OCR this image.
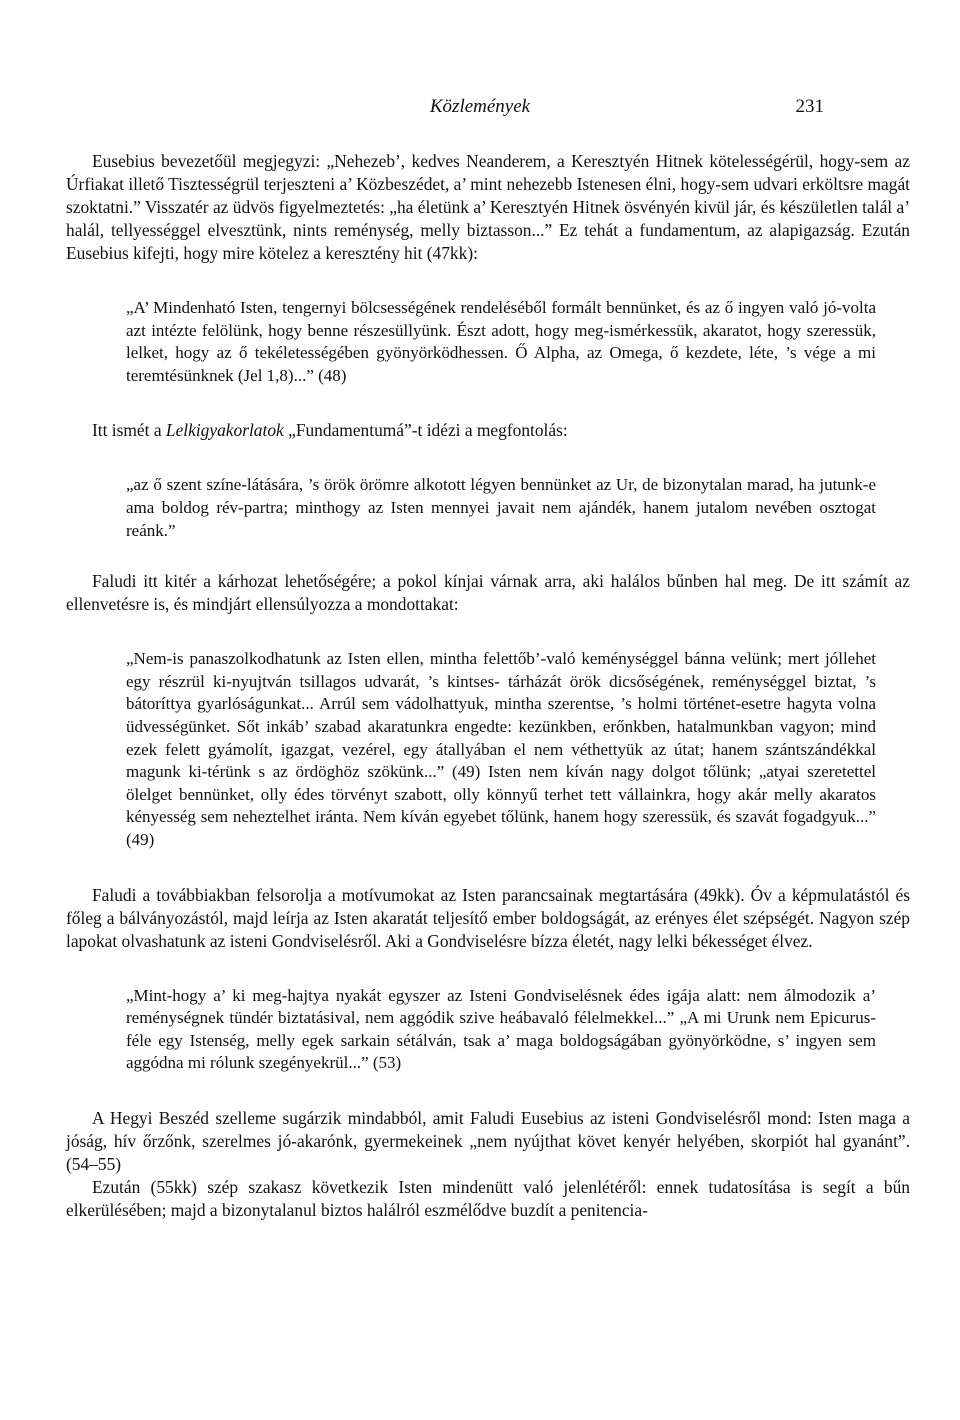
Közlemények	231

Eusebius bevezetőül megjegyzi: „Nehezeb’, kedves Neanderem, a Keresztyén Hitnek kötelességérül, hogy-sem az Úrfiakat illető Tisztességrül terjeszteni a’ Közbeszédet, a’ mint nehezebb Istenesen élni, hogy-sem udvari erköltsre magát szoktatni.” Visszatér az üdvös figyelmeztetés: „ha életünk a’ Keresztyén Hitnek ösvényén kivül jár, és készületlen talál a’ halál, tellyességgel elvesztünk, nints reménység, melly biztasson...” Ez tehát a fundamentum, az alapigazság. Ezután Eusebius kifejti, hogy mire kötelez a keresztény hit (47kk):

„A’ Mindenható Isten, tengernyi bölcsességének rendeléséből formált bennünket, és az ő ingyen való jó-volta azt intézte felölünk, hogy benne részesüllyünk. Észt adott, hogy meg-ismérkessük, akaratot, hogy szeressük, lelket, hogy az ő tekéletességében gyönyörködhessen. Ő Alpha, az Omega, ő kezdete, léte, ’s vége a mi teremtésünknek (Jel 1,8)...” (48)

Itt ismét a Lelkigyakorlatok „Fundamentumá”-t idézi a megfontolás:

„az ő szent színe-látására, ’s örök örömre alkotott légyen bennünket az Ur, de bizonytalan marad, ha jutunk-e ama boldog rév-partra; minthogy az Isten mennyei javait nem ajándék, hanem jutalom nevében osztogat reánk.”

Faludi itt kitér a kárhozat lehetőségére; a pokol kínjai várnak arra, aki halálos bűnben hal meg. De itt számít az ellenvetésre is, és mindjárt ellensúlyozza a mondottakat:

„Nem-is panaszolkodhatunk az Isten ellen, mintha felettőb’-való keménységgel bánna velünk; mert jóllehet egy részrül ki-nyujtván tsillagos udvarát, ’s kintses- tárházát örök dicsőségének, reménységgel biztat, ’s bátoríttya gyarlóságunkat... Arrúl sem vádolhattyuk, mintha szerentse, ’s holmi történet-esetre hagyta volna üdvességünket. Sőt inkáb’ szabad akaratunkra engedte: kezünkben, erőnkben, hatalmunkban vagyon; mind ezek felett gyámolít, igazgat, vezérel, egy átallyában el nem véthettyük az útat; hanem szántszándékkal magunk ki-térünk s az ördöghöz szökünk...” (49) Isten nem kíván nagy dolgot tőlünk; „atyai szeretettel ölelget bennünket, olly édes törvényt szabott, olly könnyű terhet tett vállainkra, hogy akár melly akaratos kényesség sem neheztelhet iránta. Nem kíván egyebet tőlünk, hanem hogy szeressük, és szavát fogadgyuk...” (49)

Faludi a továbbiakban felsorolja a motívumokat az Isten parancsainak megtartására (49kk). Óv a képmulatástól és főleg a bálványozástól, majd leírja az Isten akaratát teljesítő ember boldogságát, az erényes élet szépségét. Nagyon szép lapokat olvashatunk az isteni Gondviselésről. Aki a Gondviselésre bízza életét, nagy lelki békességet élvez.

„Mint-hogy a’ ki meg-hajtya nyakát egyszer az Isteni Gondviselésnek édes igája alatt: nem álmodozik a’ reménységnek tündér biztatásival, nem aggódik szive heábavaló félelmekkel...” „A mi Urunk nem Epicurus-féle egy Istenség, melly egek sarkain sétálván, tsak a’ maga boldogságában gyönyörködne, s’ ingyen sem aggódna mi rólunk szegényekrül...” (53)

A Hegyi Beszéd szelleme sugárzik mindabból, amit Faludi Eusebius az isteni Gondviselésről mond: Isten maga a jóság, hív őrzőnk, szerelmes jó-akarónk, gyermekeinek „nem nyújthat követ kenyér helyében, skorpiót hal gyanánt”. (54–55)

Ezután (55kk) szép szakasz következik Isten mindenütt való jelenlétéről: ennek tudatosítása is segít a bűn elkerülésében; majd a bizonytalanul biztos halálról eszmélődve buzdít a penitencia-
